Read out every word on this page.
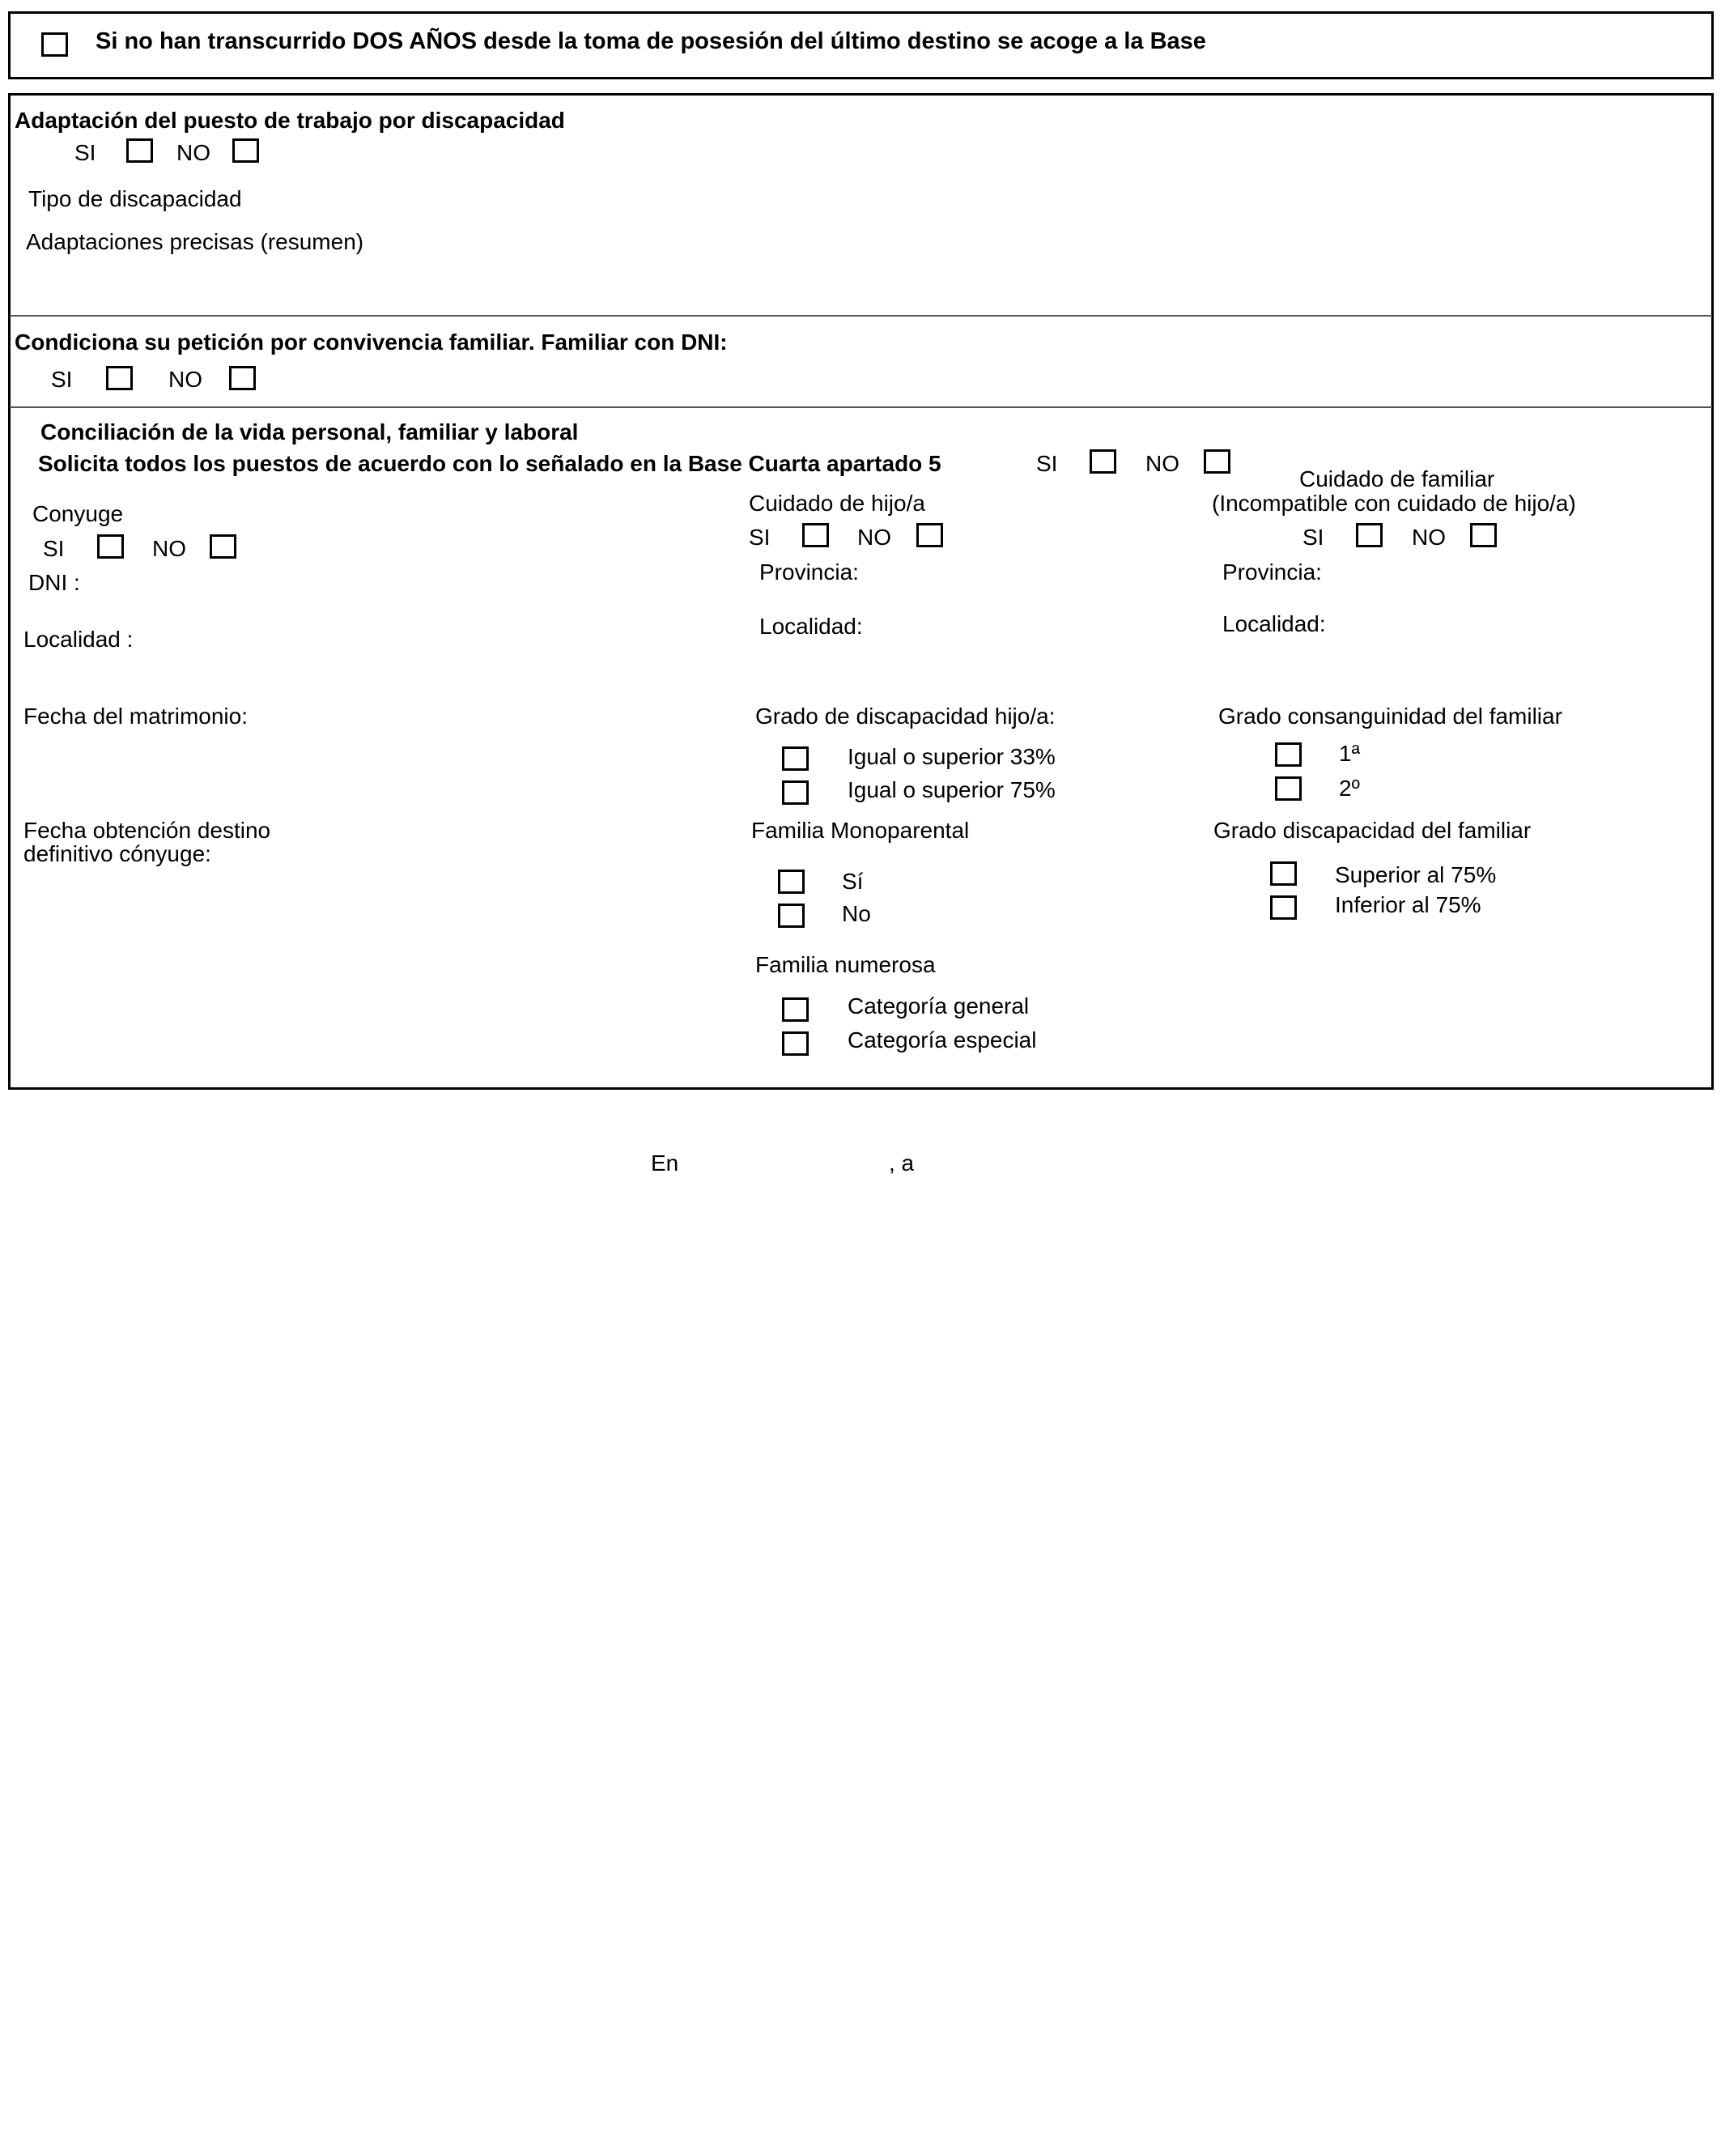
Si no han transcurrido DOS AÑOS desde la toma de posesión del último destino se acoge a la Base
Adaptación del puesto de trabajo por discapacidad
SI	NO
Tipo de discapacidad
Adaptaciones precisas (resumen)
Condiciona su petición por convivencia familiar. Familiar con DNI:
SI	NO
Conciliación de la vida personal, familiar y laboral
Solicita todos los puestos de acuerdo con lo señalado en la Base Cuarta apartado 5	SI	NO
Conyuge
SI	NO
DNI :
Localidad :
Fecha del matrimonio:
Fecha obtención destino
definitivo cónyuge:
Cuidado de hijo/a
SI	NO
Provincia:
Localidad:
Grado de discapacidad hijo/a:
Igual o superior 33%
Igual o superior 75%
Familia Monoparental
Sí
No
Familia numerosa
Categoría general
Categoría especial
Cuidado de familiar
(Incompatible con cuidado de hijo/a)
SI	NO
Provincia:
Localidad:
Grado consanguinidad del familiar
1ª
2º
Grado discapacidad del familiar
Superior al 75%
Inferior al 75%
En	, a
